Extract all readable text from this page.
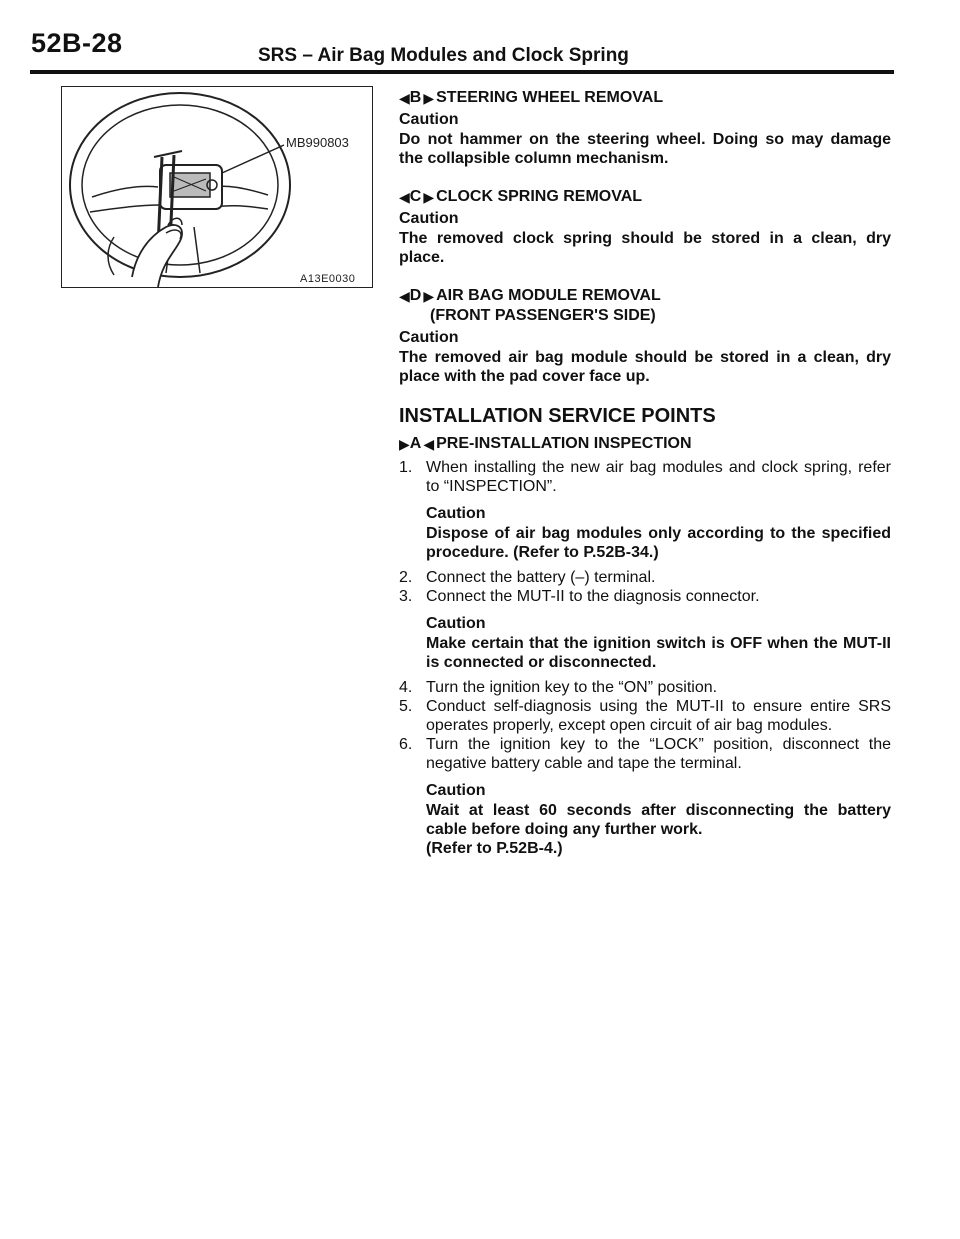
52B-28	SRS – Air Bag Modules and Clock Spring
MB990803
A13E0030
◀ B ▶ STEERING WHEEL REMOVAL
Caution
Do not hammer on the steering wheel. Doing so may damage the collapsible column mechanism.
◀ C ▶ CLOCK SPRING REMOVAL
Caution
The removed clock spring should be stored in a clean, dry place.
◀ D ▶ AIR BAG MODULE REMOVAL
(FRONT PASSENGER'S SIDE)
Caution
The removed air bag module should be stored in a clean, dry place with the pad cover face up.
INSTALLATION SERVICE POINTS
▶ A ◀ PRE-INSTALLATION INSPECTION
1. When installing the new air bag modules and clock spring, refer to “INSPECTION”.
Caution
Dispose of air bag modules only according to the specified procedure. (Refer to P.52B-34.)
2. Connect the battery (–) terminal.
3. Connect the MUT-II to the diagnosis connector.
Caution
Make certain that the ignition switch is OFF when the MUT-II is connected or disconnected.
4. Turn the ignition key to the “ON” position.
5. Conduct self-diagnosis using the MUT-II to ensure entire SRS operates properly, except open circuit of air bag modules.
6. Turn the ignition key to the “LOCK” position, disconnect the negative battery cable and tape the terminal.
Caution
Wait at least 60 seconds after disconnecting the battery cable before doing any further work.
(Refer to P.52B-4.)
